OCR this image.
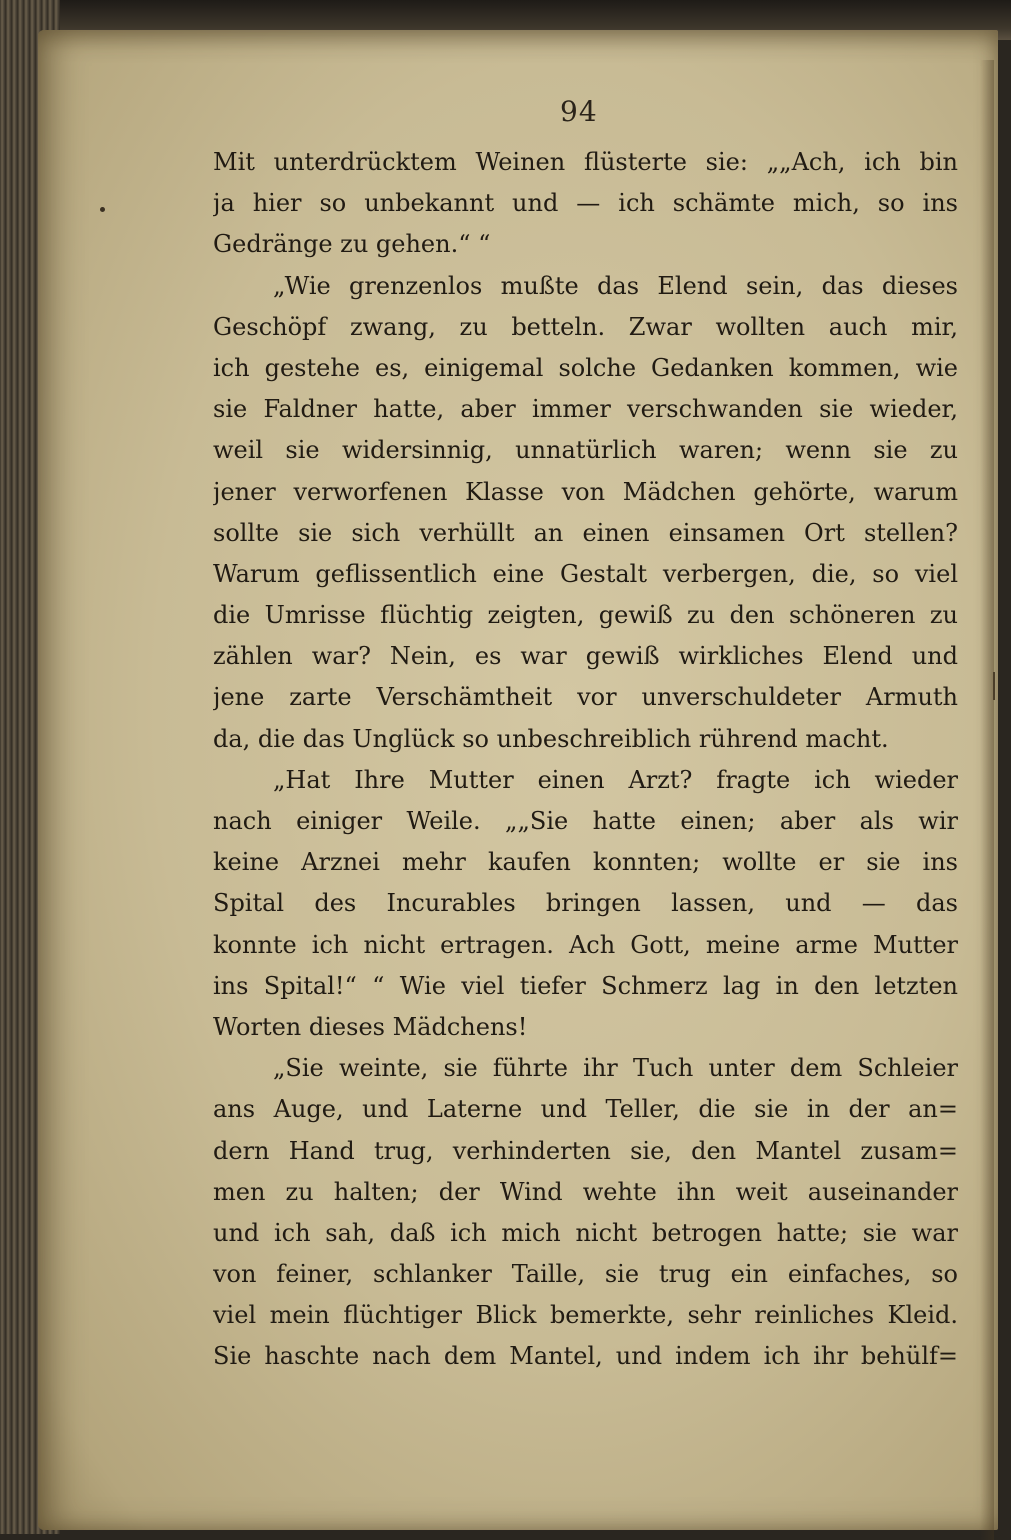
94
Mit unterdrücktem Weinen flüsterte sie: „„Ach, ich bin
ja hier so unbekannt und — ich schämte mich, so ins
Gedränge zu gehen.“ “
„Wie grenzenlos mußte das Elend sein, das dieses
Geschöpf zwang, zu betteln. Zwar wollten auch mir,
ich gestehe es, einigemal solche Gedanken kommen, wie
sie Faldner hatte, aber immer verschwanden sie wieder,
weil sie widersinnig, unnatürlich waren; wenn sie zu
jener verworfenen Klasse von Mädchen gehörte, warum
sollte sie sich verhüllt an einen einsamen Ort stellen?
Warum geflissentlich eine Gestalt verbergen, die, so viel
die Umrisse flüchtig zeigten, gewiß zu den schöneren zu
zählen war? Nein, es war gewiß wirkliches Elend und
jene zarte Verschämtheit vor unverschuldeter Armuth
da, die das Unglück so unbeschreiblich rührend macht.
„Hat Ihre Mutter einen Arzt? fragte ich wieder
nach einiger Weile. „„Sie hatte einen; aber als wir
keine Arznei mehr kaufen konnten; wollte er sie ins
Spital des Incurables bringen lassen, und — das
konnte ich nicht ertragen. Ach Gott, meine arme Mutter
ins Spital!“ “ Wie viel tiefer Schmerz lag in den letzten
Worten dieses Mädchens!
„Sie weinte, sie führte ihr Tuch unter dem Schleier
ans Auge, und Laterne und Teller, die sie in der an=
dern Hand trug, verhinderten sie, den Mantel zusam=
men zu halten; der Wind wehte ihn weit auseinander
und ich sah, daß ich mich nicht betrogen hatte; sie war
von feiner, schlanker Taille, sie trug ein einfaches, so
viel mein flüchtiger Blick bemerkte, sehr reinliches Kleid.
Sie haschte nach dem Mantel, und indem ich ihr behülf=
